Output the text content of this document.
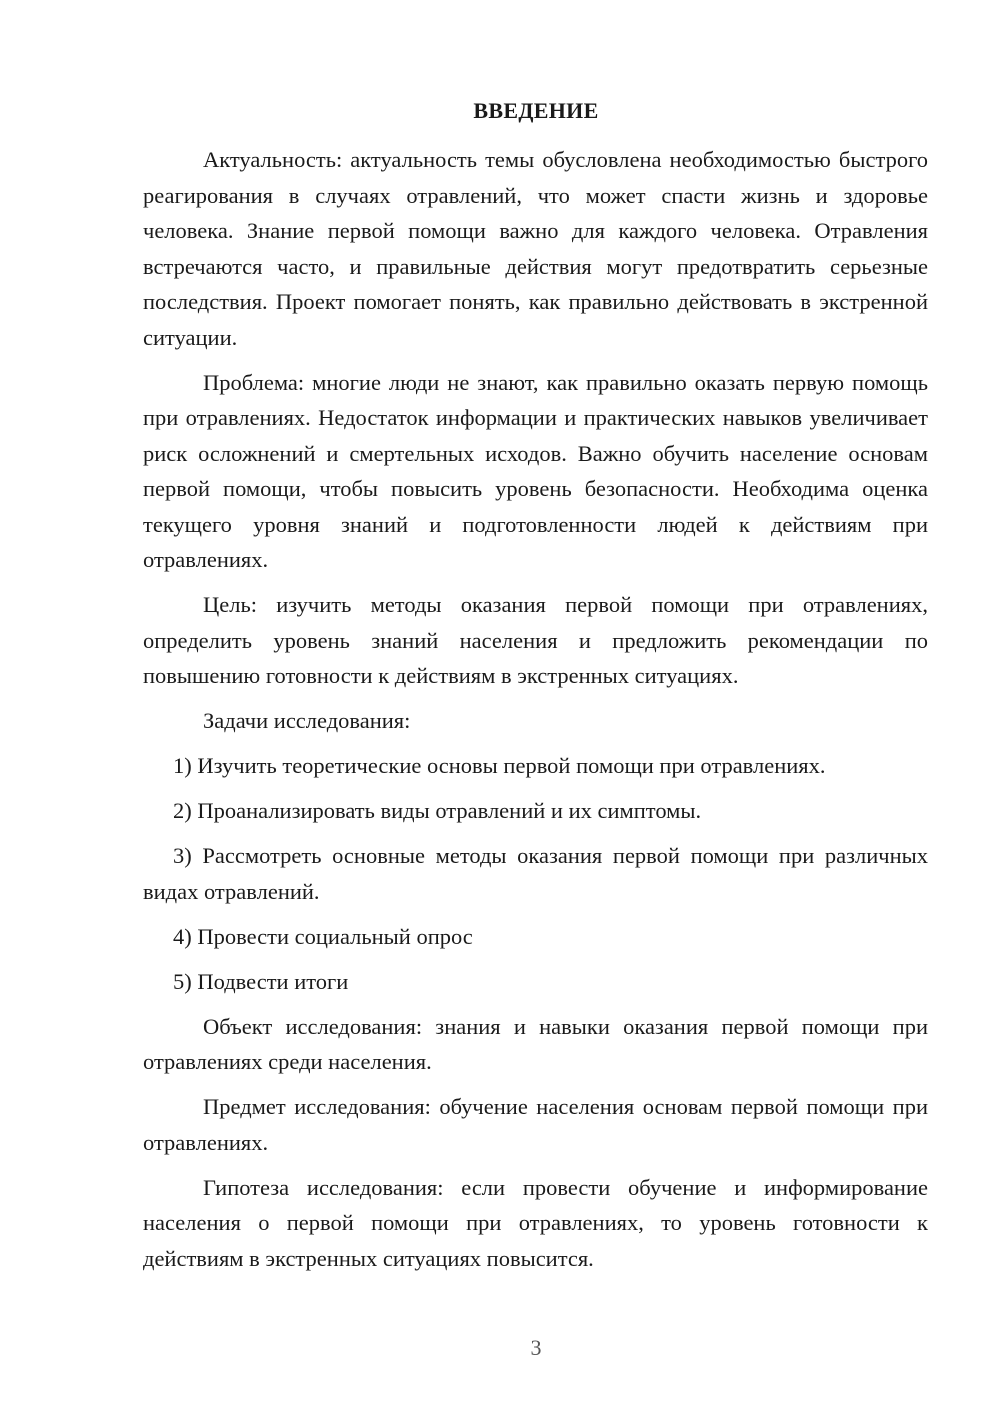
ВВЕДЕНИЕ

Актуальность: актуальность темы обусловлена необходимостью быстрого реагирования в случаях отравлений, что может спасти жизнь и здоровье человека. Знание первой помощи важно для каждого человека. Отравления встречаются часто, и правильные действия могут предотвратить серьезные последствия. Проект помогает понять, как правильно действовать в экстренной ситуации.

Проблема: многие люди не знают, как правильно оказать первую помощь при отравлениях. Недостаток информации и практических навыков увеличивает риск осложнений и смертельных исходов. Важно обучить население основам первой помощи, чтобы повысить уровень безопасности. Необходима оценка текущего уровня знаний и подготовленности людей к действиям при отравлениях.

Цель: изучить методы оказания первой помощи при отравлениях, определить уровень знаний населения и предложить рекомендации по повышению готовности к действиям в экстренных ситуациях.

Задачи исследования:

1) Изучить теоретические основы первой помощи при отравлениях.

2) Проанализировать виды отравлений и их симптомы.

3) Рассмотреть основные методы оказания первой помощи при различных видах отравлений.

4) Провести социальный опрос

5) Подвести итоги

Объект исследования: знания и навыки оказания первой помощи при отравлениях среди населения.

Предмет исследования: обучение населения основам первой помощи при отравлениях.

Гипотеза исследования: если провести обучение и информирование населения о первой помощи при отравлениях, то уровень готовности к действиям в экстренных ситуациях повысится.

3
